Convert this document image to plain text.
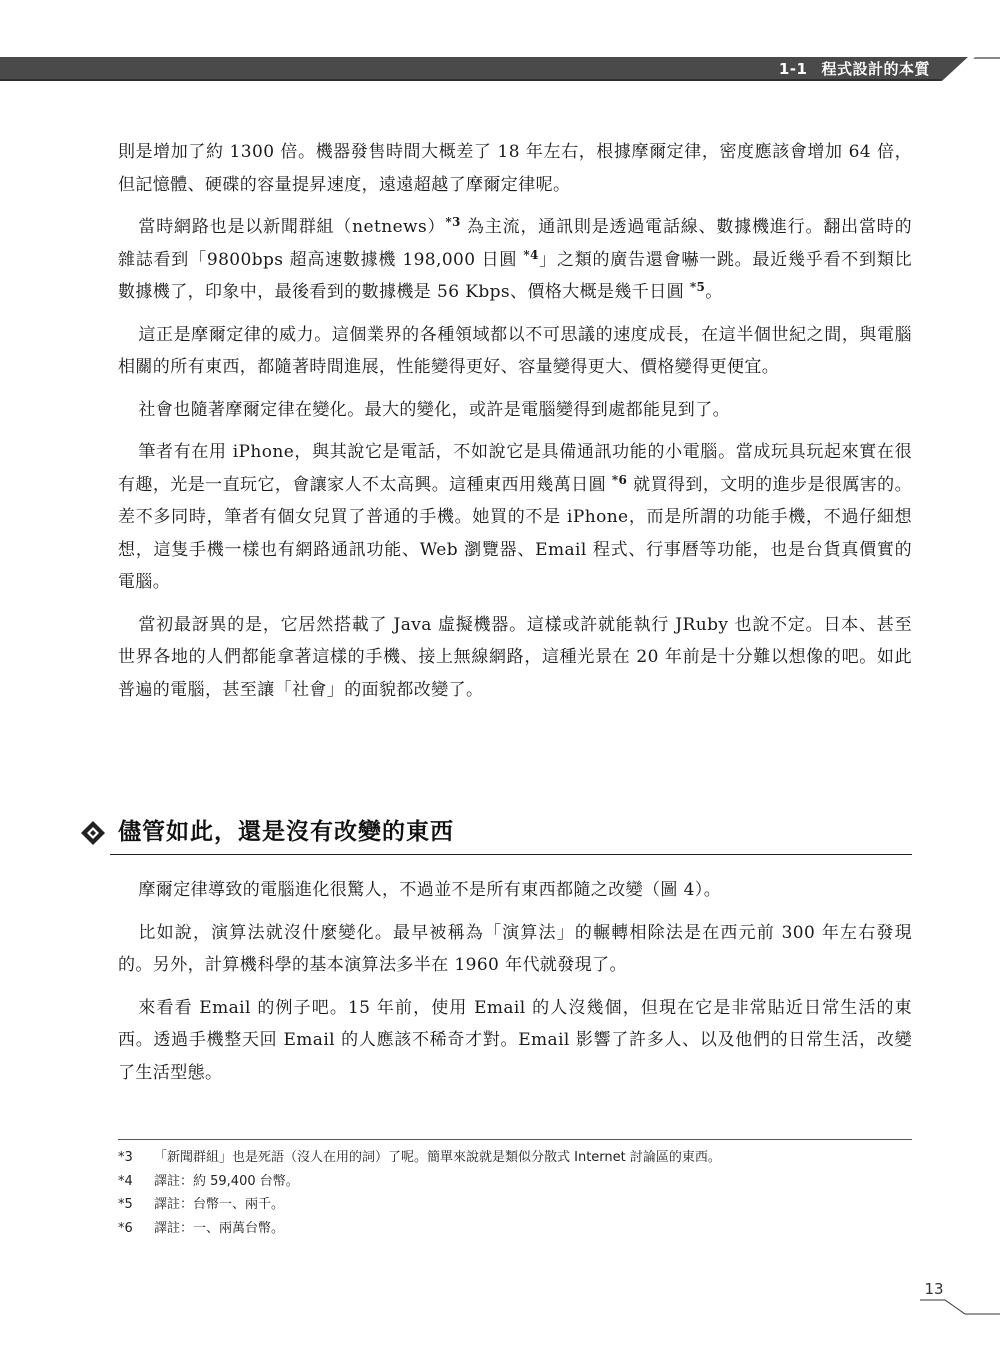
1-1 程式設計的本質

則是增加了約 1300 倍。機器發售時間大概差了 18 年左右，根據摩爾定律，密度應該會增加 64 倍，但記憶體、硬碟的容量提昇速度，遠遠超越了摩爾定律呢。

當時網路也是以新聞群組（netnews）$^{*3}$ 為主流，通訊則是透過電話線、數據機進行。翻出當時的雜誌看到「9800bps 超高速數據機 198,000 日圓 $^{*4}$」之類的廣告還會嚇一跳。最近幾乎看不到類比數據機了，印象中，最後看到的數據機是 56 Kbps、價格大概是幾千日圓 $^{*5}$。

這正是摩爾定律的威力。這個業界的各種領域都以不可思議的速度成長，在這半個世紀之間，與電腦相關的所有東西，都隨著時間進展，性能變得更好、容量變得更大、價格變得更便宜。

社會也隨著摩爾定律在變化。最大的變化，或許是電腦變得到處都能見到了。

筆者有在用 iPhone，與其說它是電話，不如說它是具備通訊功能的小電腦。當成玩具玩起來實在很有趣，光是一直玩它，會讓家人不太高興。這種東西用幾萬日圓 $^{*6}$ 就買得到，文明的進步是很厲害的。差不多同時，筆者有個女兒買了普通的手機。她買的不是 iPhone，而是所謂的功能手機，不過仔細想想，這隻手機一樣也有網路通訊功能、Web 瀏覽器、Email 程式、行事曆等功能，也是台貨真價實的電腦。

當初最訝異的是，它居然搭載了 Java 虛擬機器。這樣或許就能執行 JRuby 也說不定。日本、甚至世界各地的人們都能拿著這樣的手機、接上無線網路，這種光景在 20 年前是十分難以想像的吧。如此普遍的電腦，甚至讓「社會」的面貌都改變了。

儘管如此，還是沒有改變的東西

摩爾定律導致的電腦進化很驚人，不過並不是所有東西都隨之改變（圖 4）。

比如說，演算法就沒什麼變化。最早被稱為「演算法」的輾轉相除法是在西元前 300 年左右發現的。另外，計算機科學的基本演算法多半在 1960 年代就發現了。

來看看 Email 的例子吧。15 年前，使用 Email 的人沒幾個，但現在它是非常貼近日常生活的東西。透過手機整天回 Email 的人應該不稀奇才對。Email 影響了許多人、以及他們的日常生活，改變了生活型態。

*3	「新聞群組」也是死語（沒人在用的詞）了呢。簡單來說就是類似分散式 Internet 討論區的東西。
*4	譯註：約 59,400 台幣。
*5	譯註：台幣一、兩千。
*6	譯註：一、兩萬台幣。
13
